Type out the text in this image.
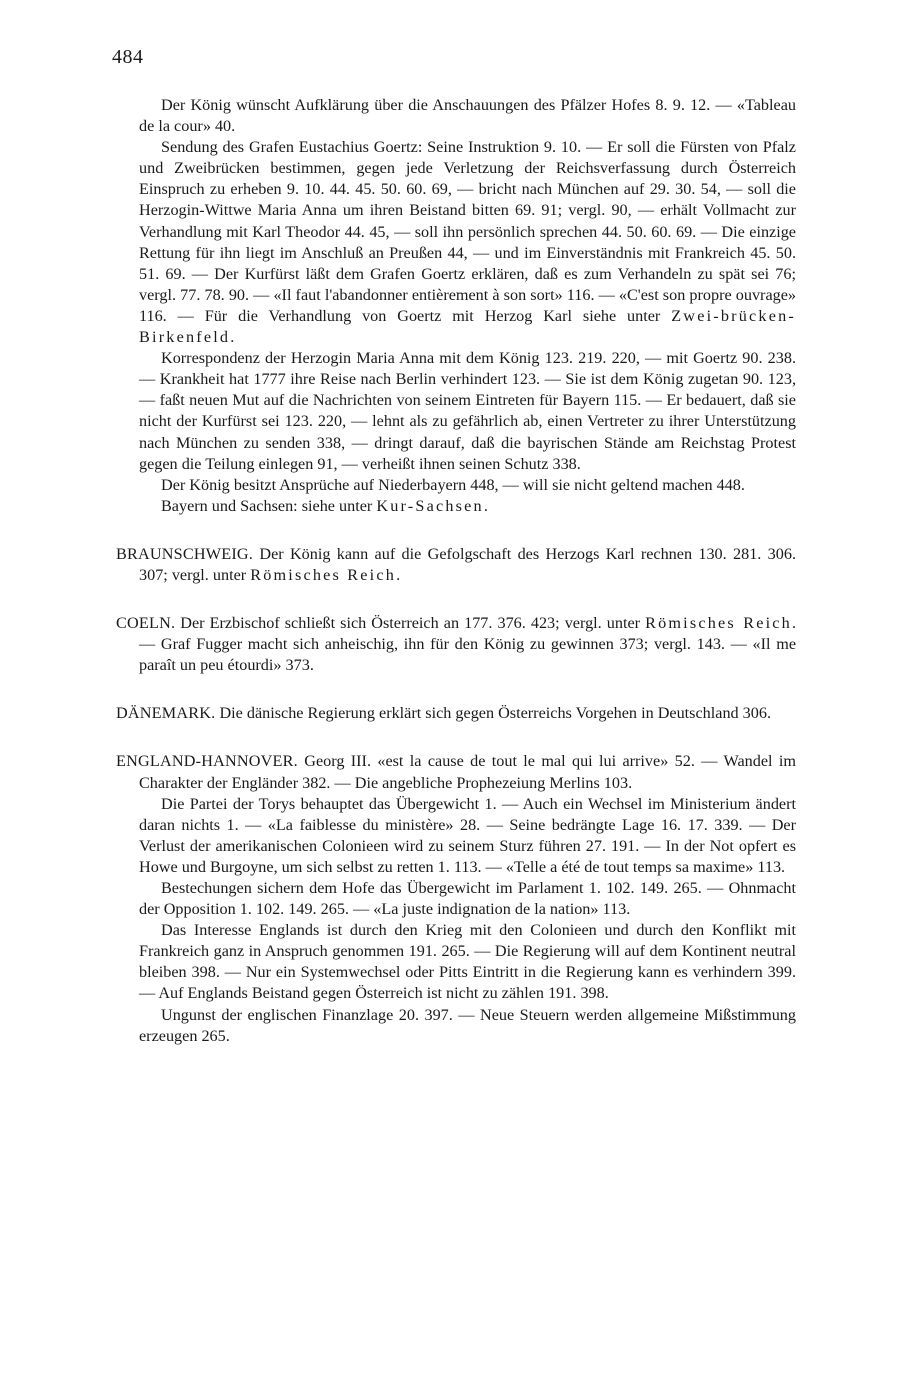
484

Der König wünscht Aufklärung über die Anschauungen des Pfälzer Hofes 8. 9. 12. — «Tableau de la cour» 40.

Sendung des Grafen Eustachius Goertz: Seine Instruktion 9. 10. — Er soll die Fürsten von Pfalz und Zweibrücken bestimmen, gegen jede Verletzung der Reichsverfassung durch Österreich Einspruch zu erheben 9. 10. 44. 45. 50. 60. 69, — bricht nach München auf 29. 30. 54, — soll die Herzogin-Wittwe Maria Anna um ihren Beistand bitten 69. 91; vergl. 90, — erhält Vollmacht zur Verhandlung mit Karl Theodor 44. 45, — soll ihn persönlich sprechen 44. 50. 60. 69. — Die einzige Rettung für ihn liegt im Anschluß an Preußen 44, — und im Einverständnis mit Frankreich 45. 50. 51. 69. — Der Kurfürst läßt dem Grafen Goertz erklären, daß es zum Verhandeln zu spät sei 76; vergl. 77. 78. 90. — «Il faut l'abandonner entièrement à son sort» 116. — «C'est son propre ouvrage» 116. — Für die Verhandlung von Goertz mit Herzog Karl siehe unter Zwei-brücken-Birkenfeld.

Korrespondenz der Herzogin Maria Anna mit dem König 123. 219. 220, — mit Goertz 90. 238. — Krankheit hat 1777 ihre Reise nach Berlin verhindert 123. — Sie ist dem König zugetan 90. 123, — faßt neuen Mut auf die Nachrichten von seinem Eintreten für Bayern 115. — Er bedauert, daß sie nicht der Kurfürst sei 123. 220, — lehnt als zu gefährlich ab, einen Vertreter zu ihrer Unterstützung nach München zu senden 338, — dringt darauf, daß die bayrischen Stände am Reichstag Protest gegen die Teilung einlegen 91, — verheißt ihnen seinen Schutz 338.

Der König besitzt Ansprüche auf Niederbayern 448, — will sie nicht geltend machen 448.

Bayern und Sachsen: siehe unter Kur-Sachsen.

BRAUNSCHWEIG. Der König kann auf die Gefolgschaft des Herzogs Karl rechnen 130. 281. 306. 307; vergl. unter Römisches Reich.

COELN. Der Erzbischof schließt sich Österreich an 177. 376. 423; vergl. unter Römisches Reich. — Graf Fugger macht sich anheischig, ihn für den König zu gewinnen 373; vergl. 143. — «Il me paraît un peu étourdi» 373.

DÄNEMARK. Die dänische Regierung erklärt sich gegen Österreichs Vorgehen in Deutschland 306.

ENGLAND-HANNOVER. Georg III. «est la cause de tout le mal qui lui arrive» 52. — Wandel im Charakter der Engländer 382. — Die angebliche Prophezeiung Merlins 103.

Die Partei der Torys behauptet das Übergewicht 1. — Auch ein Wechsel im Ministerium ändert daran nichts 1. — «La faiblesse du ministère» 28. — Seine bedrängte Lage 16. 17. 339. — Der Verlust der amerikanischen Colonieen wird zu seinem Sturz führen 27. 191. — In der Not opfert es Howe und Burgoyne, um sich selbst zu retten 1. 113. — «Telle a été de tout temps sa maxime» 113.

Bestechungen sichern dem Hofe das Übergewicht im Parlament 1. 102. 149. 265. — Ohnmacht der Opposition 1. 102. 149. 265. — «La juste indignation de la nation» 113.

Das Interesse Englands ist durch den Krieg mit den Colonieen und durch den Konflikt mit Frankreich ganz in Anspruch genommen 191. 265. — Die Regierung will auf dem Kontinent neutral bleiben 398. — Nur ein Systemwechsel oder Pitts Eintritt in die Regierung kann es verhindern 399. — Auf Englands Beistand gegen Österreich ist nicht zu zählen 191. 398.

Ungunst der englischen Finanzlage 20. 397. — Neue Steuern werden allgemeine Mißstimmung erzeugen 265.
